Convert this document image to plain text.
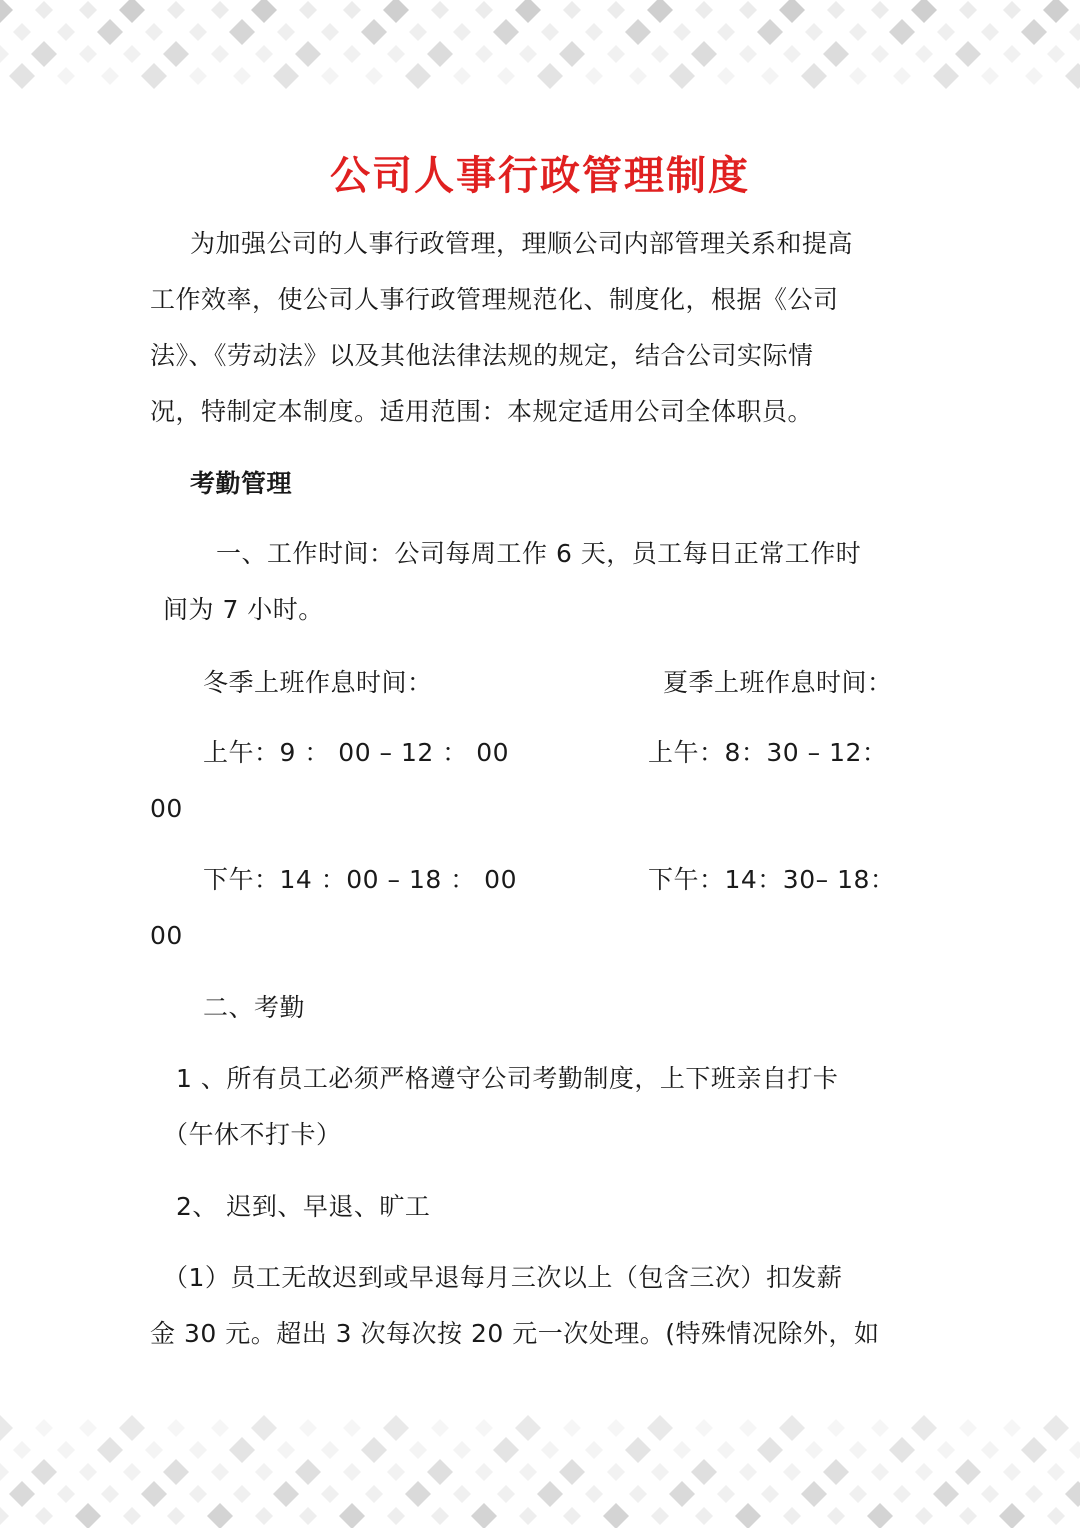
公司人事行政管理制度
为加强公司的人事行政管理，理顺公司内部管理关系和提高
工作效率，使公司人事行政管理规范化、制度化，根据《公司
法》、《劳动法》以及其他法律法规的规定，结合公司实际情
况，特制定本制度。适用范围：本规定适用公司全体职员。
考勤管理
一、工作时间：公司每周工作 6 天，员工每日正常工作时
间为 7 小时。
冬季上班作息时间：	夏季上班作息时间：
上午：9 ： 00 – 12 ： 00	上午：8：30 – 12：
00
下午：14 ：00 – 18 ： 00	下午：14：30– 18：
00
二、考勤
1 、所有员工必须严格遵守公司考勤制度，上下班亲自打卡
（午休不打卡）
2、 迟到、早退、旷工
（1）员工无故迟到或早退每月三次以上（包含三次）扣发薪
金 30 元。超出 3 次每次按 20 元一次处理。(特殊情况除外，如
